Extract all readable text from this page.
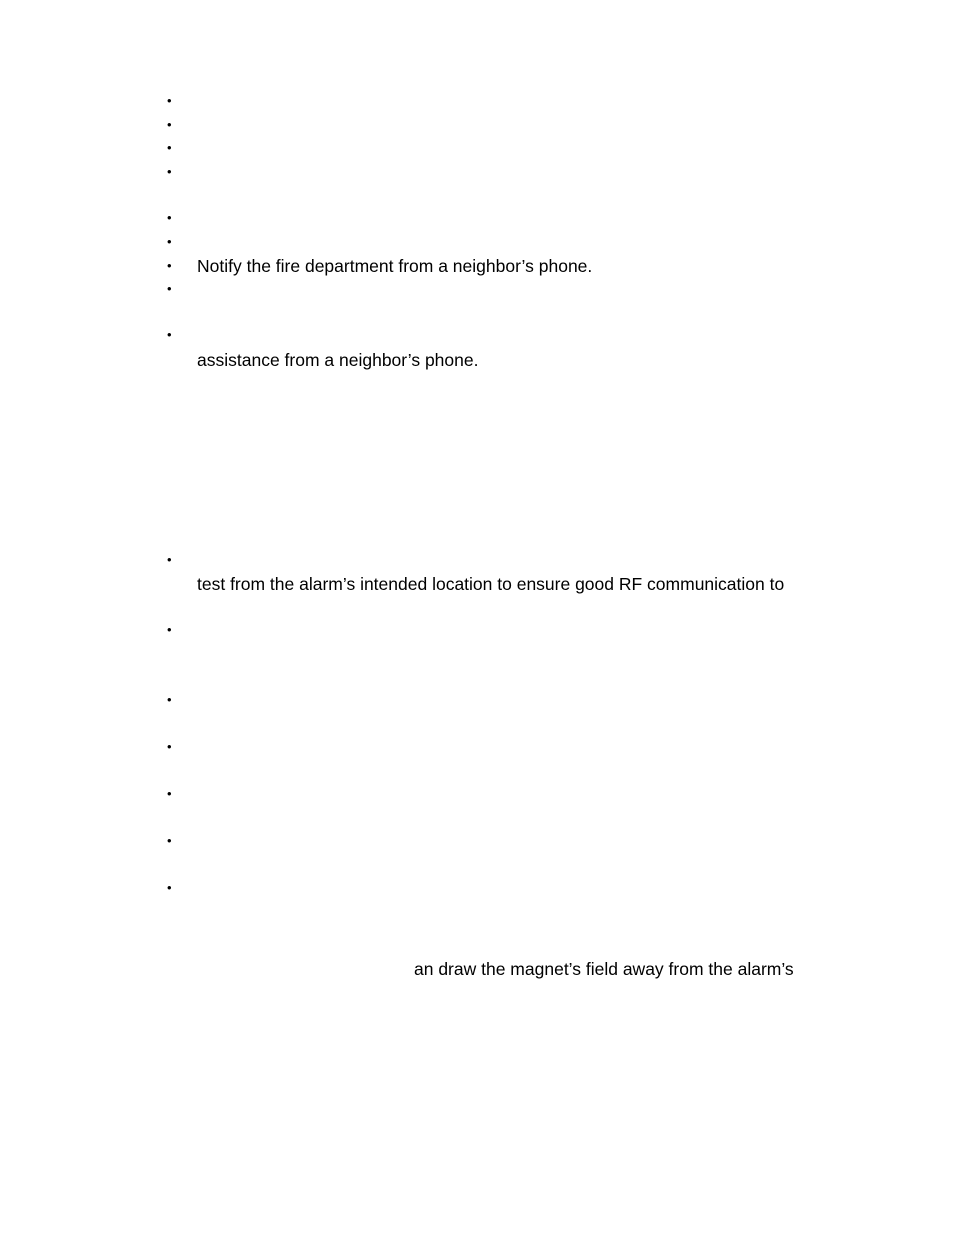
•
•
•
•
•
•
•
•
•
•
•
•
•
•
•
•
Notify the fire department from a neighbor’s phone.
assistance from a neighbor’s phone.
test from the alarm’s intended location to ensure good RF communication to
an draw the magnet’s field away from the alarm’s
